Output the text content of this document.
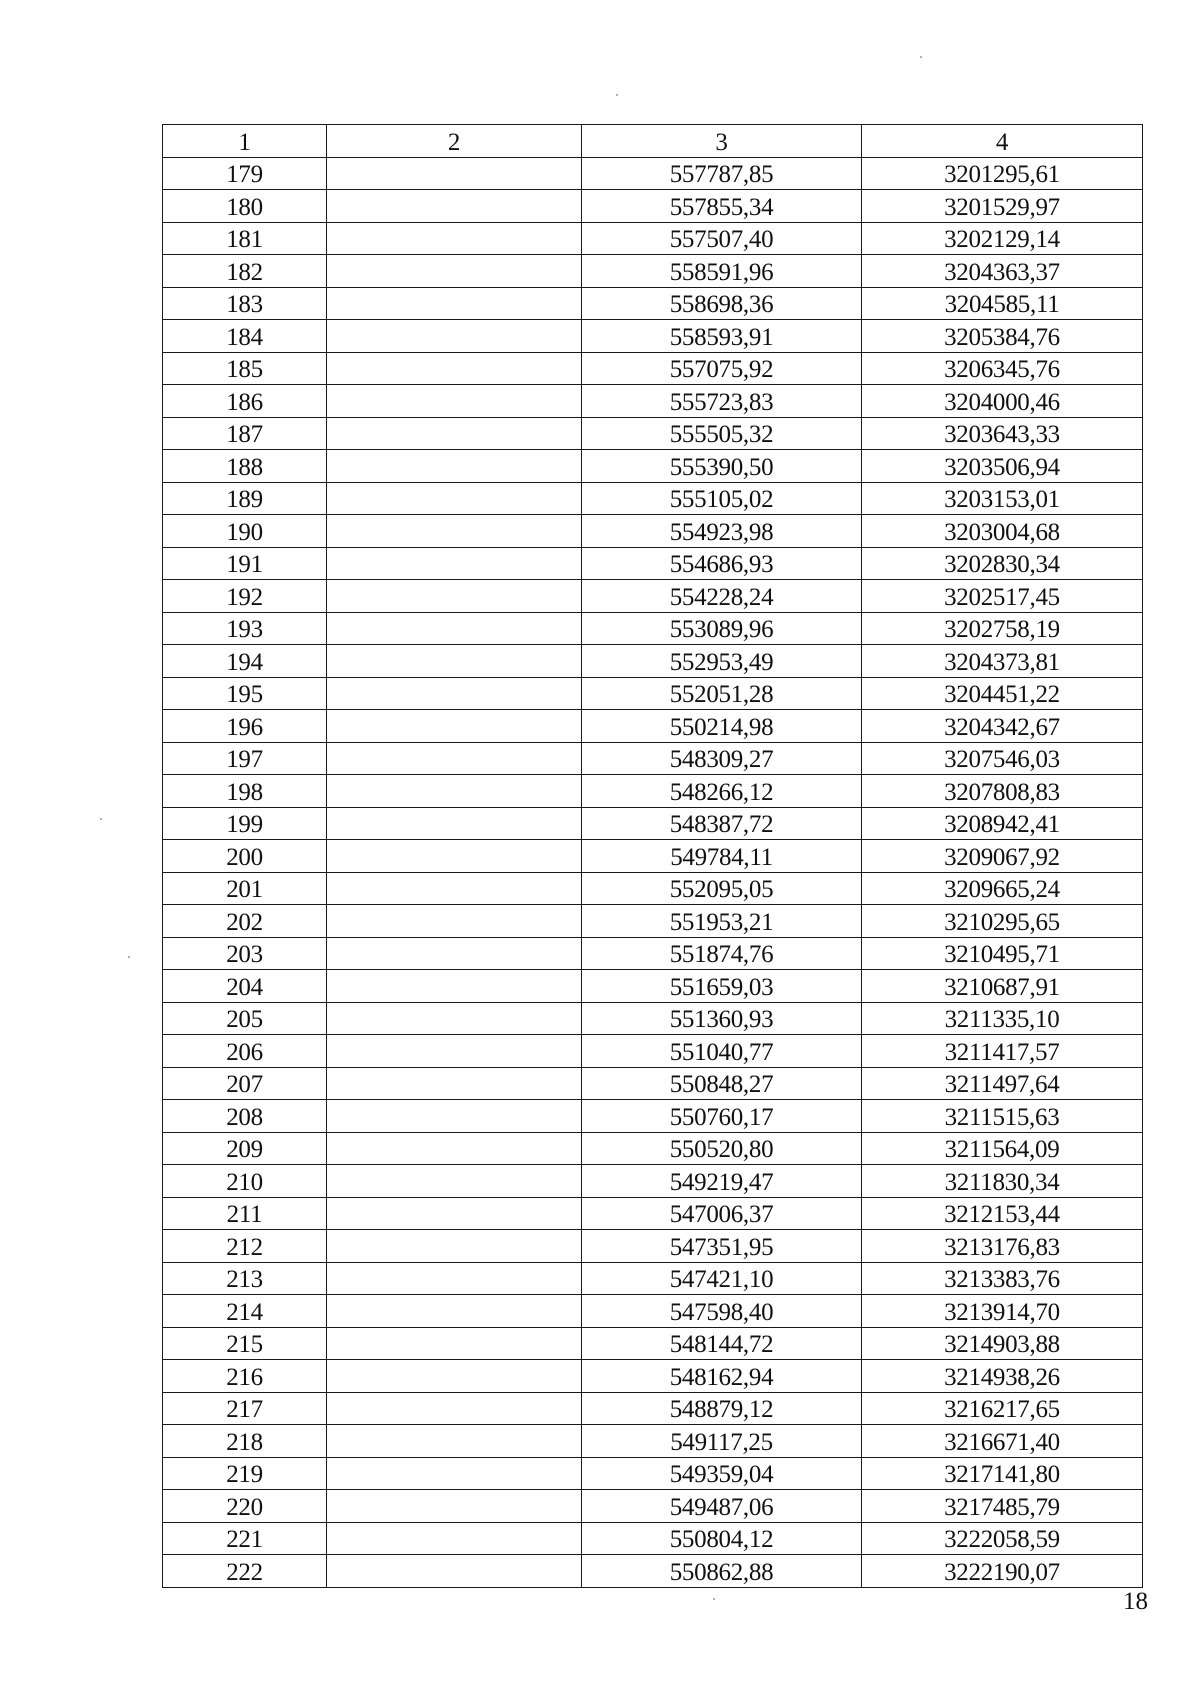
1	2	3	4
179		557787,85	3201295,61
180		557855,34	3201529,97
181		557507,40	3202129,14
182		558591,96	3204363,37
183		558698,36	3204585,11
184		558593,91	3205384,76
185		557075,92	3206345,76
186		555723,83	3204000,46
187		555505,32	3203643,33
188		555390,50	3203506,94
189		555105,02	3203153,01
190		554923,98	3203004,68
191		554686,93	3202830,34
192		554228,24	3202517,45
193		553089,96	3202758,19
194		552953,49	3204373,81
195		552051,28	3204451,22
196		550214,98	3204342,67
197		548309,27	3207546,03
198		548266,12	3207808,83
199		548387,72	3208942,41
200		549784,11	3209067,92
201		552095,05	3209665,24
202		551953,21	3210295,65
203		551874,76	3210495,71
204		551659,03	3210687,91
205		551360,93	3211335,10
206		551040,77	3211417,57
207		550848,27	3211497,64
208		550760,17	3211515,63
209		550520,80	3211564,09
210		549219,47	3211830,34
211		547006,37	3212153,44
212		547351,95	3213176,83
213		547421,10	3213383,76
214		547598,40	3213914,70
215		548144,72	3214903,88
216		548162,94	3214938,26
217		548879,12	3216217,65
218		549117,25	3216671,40
219		549359,04	3217141,80
220		549487,06	3217485,79
221		550804,12	3222058,59
222		550862,88	3222190,07
18
